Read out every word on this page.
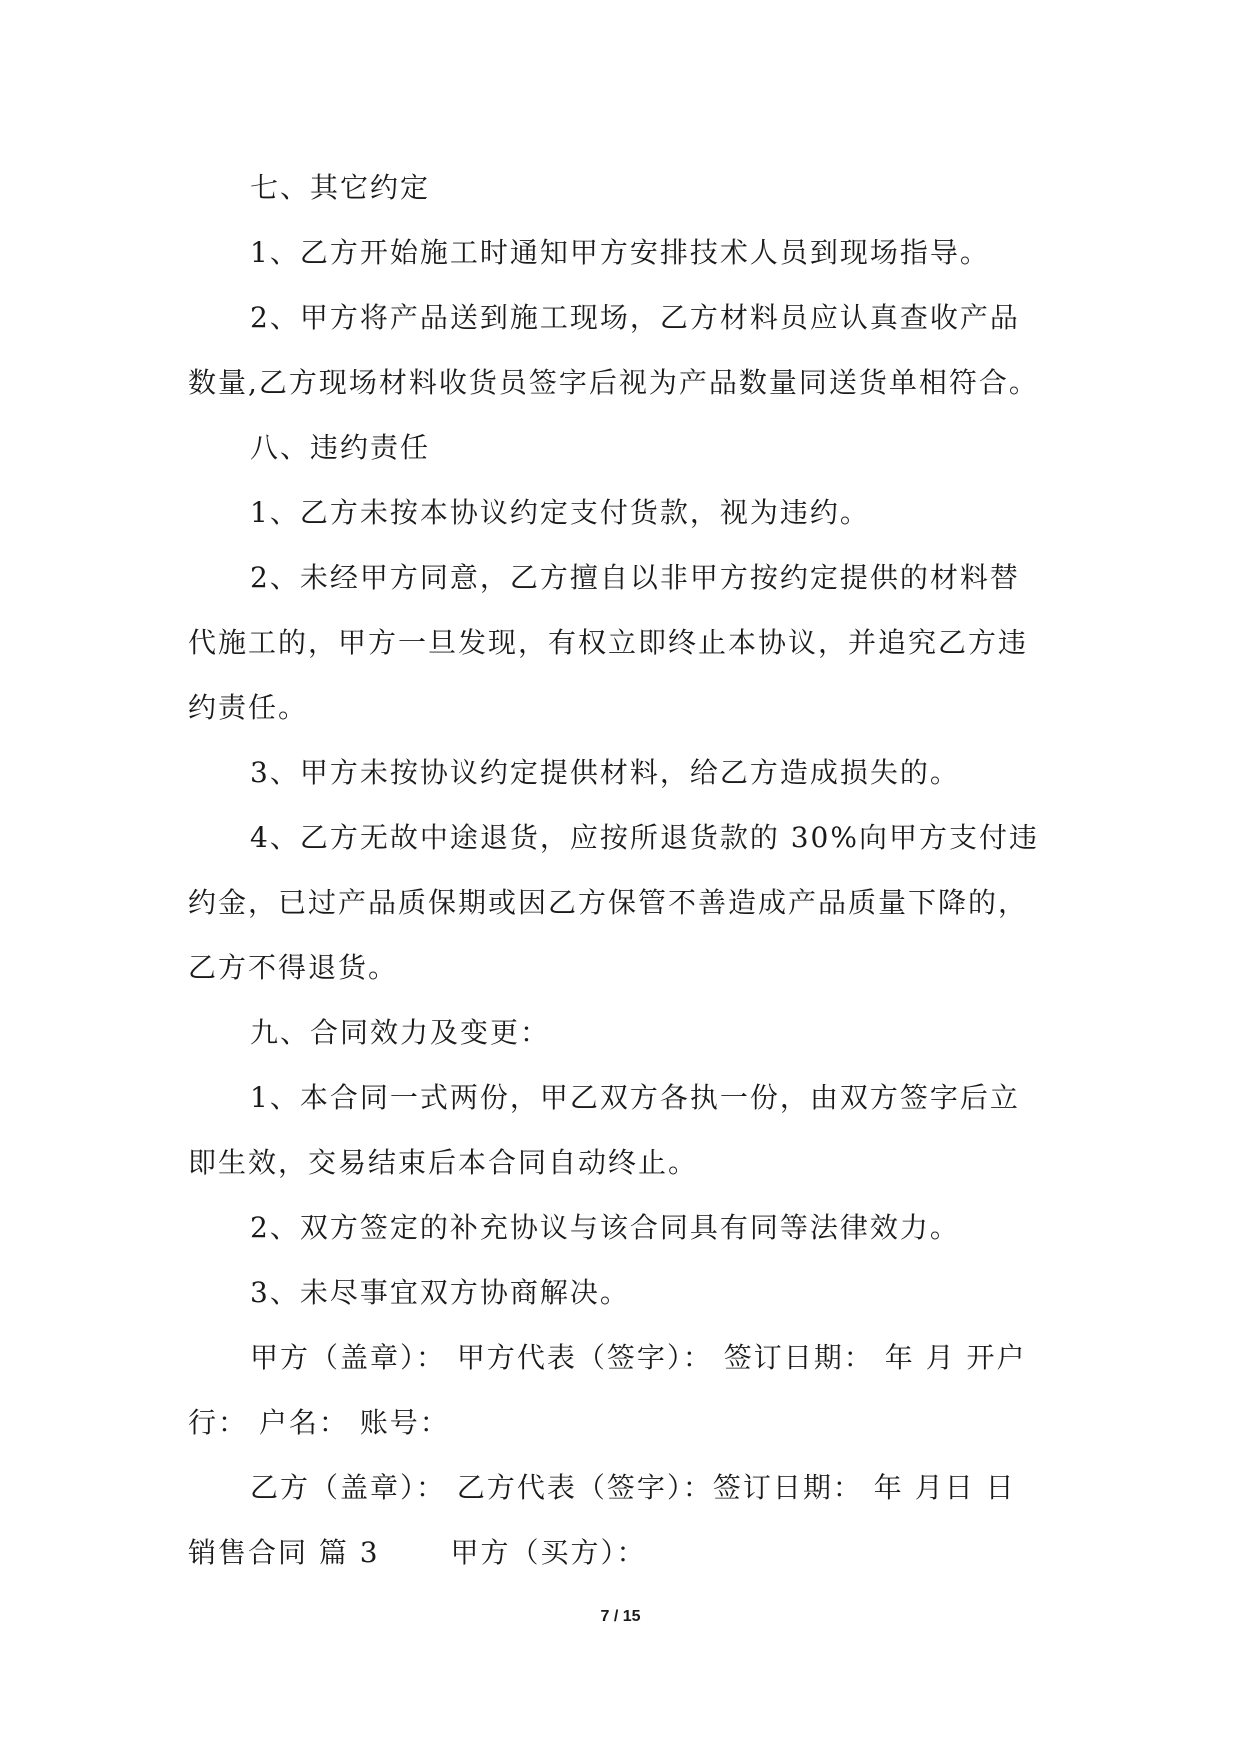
七、其它约定
1、乙方开始施工时通知甲方安排技术人员到现场指导。
2、甲方将产品送到施工现场，乙方材料员应认真查收产品
数量,乙方现场材料收货员签字后视为产品数量同送货单相符合。
八、违约责任
1、乙方未按本协议约定支付货款，视为违约。
2、未经甲方同意，乙方擅自以非甲方按约定提供的材料替
代施工的，甲方一旦发现，有权立即终止本协议，并追究乙方违
约责任。
3、甲方未按协议约定提供材料，给乙方造成损失的。
4、乙方无故中途退货，应按所退货款的 30%向甲方支付违
约金，已过产品质保期或因乙方保管不善造成产品质量下降的，
乙方不得退货。
九、合同效力及变更：
1、本合同一式两份，甲乙双方各执一份，由双方签字后立
即生效，交易结束后本合同自动终止。
2、双方签定的补充协议与该合同具有同等法律效力。
3、未尽事宜双方协商解决。
甲方（盖章）： 甲方代表（签字）： 签订日期： 年 月 开户
行： 户名： 账号：
乙方（盖章）： 乙方代表（签字）：签订日期： 年 月日 日
销售合同 篇 3 　　甲方（买方）：
7 / 15
